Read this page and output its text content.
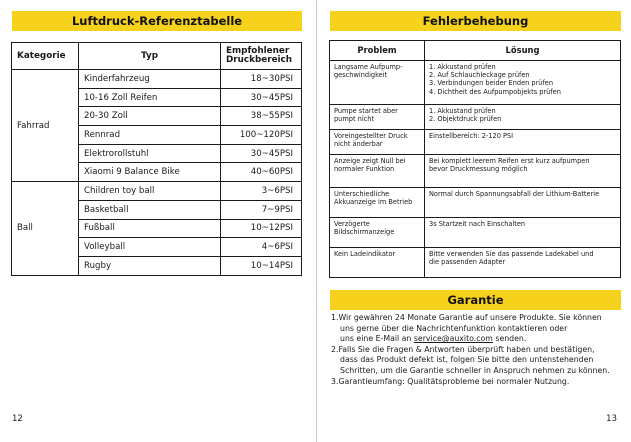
Luftdruck-Referenztabelle
Kategorie	Typ	Empfohlener
Druckbereich

Fahrrad	Kinderfahrzeug	18~30PSI
	10-16 Zoll Reifen	30~45PSI
	20-30 Zoll	38~55PSI
	Rennrad	100~120PSI
	Elektrorollstuhl	30~45PSI
	Xiaomi 9 Balance Bike	40~60PSI
Ball	Children toy ball	3~6PSI
	Basketball	7~9PSI
	Fußball	10~12PSI
	Volleyball	4~6PSI
	Rugby	10~14PSI
12
Fehlerbehebung
Problem	Lösung

Langsame Aufpump-
geschwindigkeit	1. Akkustand prüfen
2. Auf Schlauchleckage prüfen
3. Verbindungen beider Enden prüfen
4. Dichtheit des Aufpumpobjekts prüfen

Pumpe startet aber
pumpt nicht	1. Akkustand prüfen
2. Objektdruck prüfen

Voreingestellter Druck
nicht änderbar	Einstellbereich: 2-120 PSI

Anzeige zeigt Null bei
normaler Funktion	Bei komplett leerem Reifen erst kurz aufpumpen
bevor Druckmessung möglich

Unterschiedliche
Akkuanzeige im Betrieb	Normal durch Spannungsabfall der Lithium-Batterie

Verzögerte
Bildschirmanzeige	3s Startzeit nach Einschalten

Kein Ladeindikator	Bitte verwenden Sie das passende Ladekabel und
die passenden Adapter
Garantie
1.Wir gewähren 24 Monate Garantie auf unsere Produkte. Sie können
uns gerne über die Nachrichtenfunktion kontaktieren oder
uns eine E-Mail an service@auxito.com senden.
2.Falls Sie die Fragen & Antworten überprüft haben und bestätigen,
dass das Produkt defekt ist, folgen Sie bitte den untenstehenden
Schritten, um die Garantie schneller in Anspruch nehmen zu können.
3.Garantieumfang: Qualitätsprobleme bei normaler Nutzung.
13
